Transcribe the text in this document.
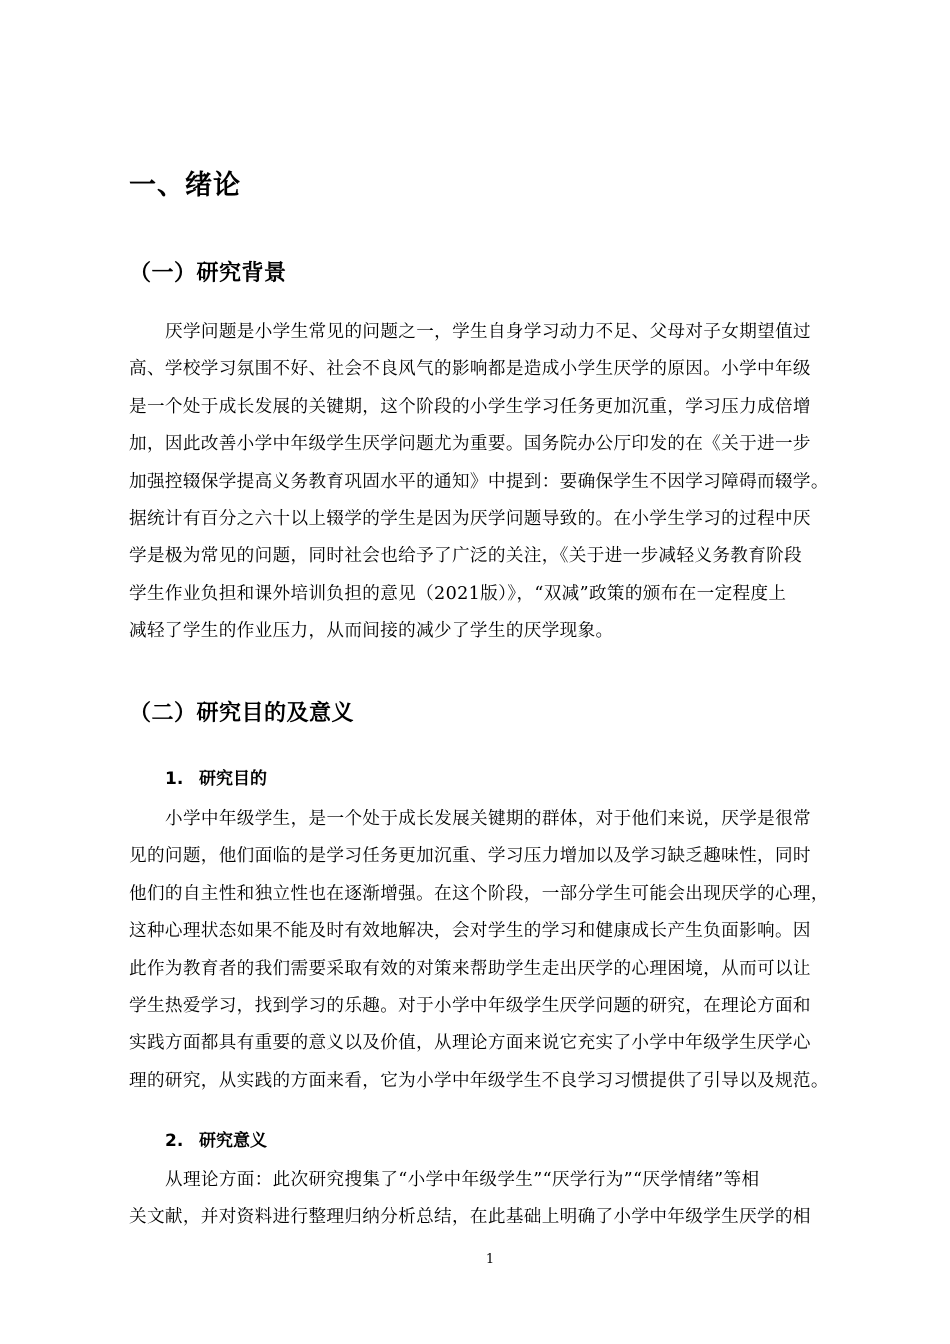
一、绪论
（一）研究背景
厌学问题是小学生常见的问题之一，学生自身学习动力不足、父母对子女期望值过
高、学校学习氛围不好、社会不良风气的影响都是造成小学生厌学的原因。小学中年级
是一个处于成长发展的关键期，这个阶段的小学生学习任务更加沉重，学习压力成倍增
加，因此改善小学中年级学生厌学问题尤为重要。国务院办公厅印发的在《关于进一步
加强控辍保学提高义务教育巩固水平的通知》中提到：要确保学生不因学习障碍而辍学。
据统计有百分之六十以上辍学的学生是因为厌学问题导致的。在小学生学习的过程中厌
学是极为常见的问题，同时社会也给予了广泛的关注，《关于进一步减轻义务教育阶段
学生作业负担和课外培训负担的意见（2021版）》，“双减”政策的颁布在一定程度上
减轻了学生的作业压力，从而间接的减少了学生的厌学现象。
（二）研究目的及意义
1. 研究目的
小学中年级学生，是一个处于成长发展关键期的群体，对于他们来说，厌学是很常
见的问题，他们面临的是学习任务更加沉重、学习压力增加以及学习缺乏趣味性，同时
他们的自主性和独立性也在逐渐增强。在这个阶段，一部分学生可能会出现厌学的心理，
这种心理状态如果不能及时有效地解决，会对学生的学习和健康成长产生负面影响。因
此作为教育者的我们需要采取有效的对策来帮助学生走出厌学的心理困境，从而可以让
学生热爱学习，找到学习的乐趣。对于小学中年级学生厌学问题的研究，在理论方面和
实践方面都具有重要的意义以及价值，从理论方面来说它充实了小学中年级学生厌学心
理的研究，从实践的方面来看，它为小学中年级学生不良学习习惯提供了引导以及规范。
2. 研究意义
从理论方面：此次研究搜集了“小学中年级学生”“厌学行为”“厌学情绪”等相
关文献，并对资料进行整理归纳分析总结，在此基础上明确了小学中年级学生厌学的相
1
